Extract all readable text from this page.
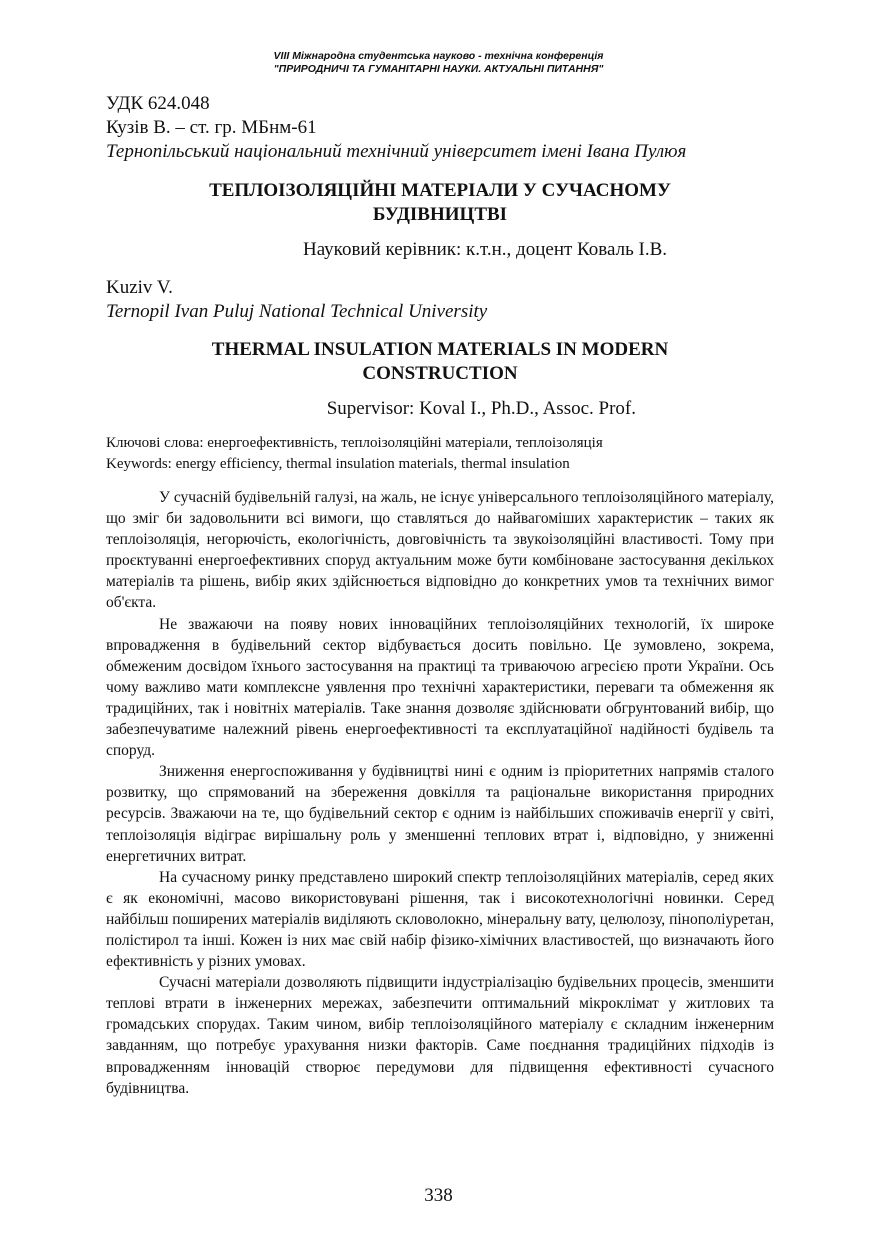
VIII Міжнародна студентська науково - технічна конференція
"ПРИРОДНИЧІ ТА ГУМАНІТАРНІ НАУКИ. АКТУАЛЬНІ ПИТАННЯ"
УДК 624.048
Кузів В. – ст. гр. МБнм-61
Тернопільський національний технічний університет імені Івана Пулюя
ТЕПЛОІЗОЛЯЦІЙНІ МАТЕРІАЛИ У СУЧАСНОМУ БУДІВНИЦТВІ
Науковий керівник: к.т.н., доцент Коваль І.В.
Kuziv V.
Ternopil Ivan Puluj National Technical University
THERMAL INSULATION MATERIALS IN MODERN CONSTRUCTION
Supervisor: Koval I., Ph.D., Assoc. Prof.
Ключові слова: енергоефективність, теплоізоляційні матеріали, теплоізоляція
Keywords: energy efficiency, thermal insulation materials, thermal insulation

У сучасній будівельній галузі, на жаль, не існує універсального теплоізоляційного матеріалу, що зміг би задовольнити всі вимоги, що ставляться до найвагоміших характеристик – таких як теплоізоляція, негорючість, екологічність, довговічність та звукоізоляційні властивості. Тому при проєктуванні енергоефективних споруд актуальним може бути комбіноване застосування декількох матеріалів та рішень, вибір яких здійснюється відповідно до конкретних умов та технічних вимог об'єкта.

Не зважаючи на появу нових інноваційних теплоізоляційних технологій, їх широке впровадження в будівельний сектор відбувається досить повільно. Це зумовлено, зокрема, обмеженим досвідом їхнього застосування на практиці та триваючою агресією проти України. Ось чому важливо мати комплексне уявлення про технічні характеристики, переваги та обмеження як традиційних, так і новітніх матеріалів. Таке знання дозволяє здійснювати обгрунтований вибір, що забезпечуватиме належний рівень енергоефективності та експлуатаційної надійності будівель та споруд.

Зниження енергоспоживання у будівництві нині є одним із пріоритетних напрямів сталого розвитку, що спрямований на збереження довкілля та раціональне використання природних ресурсів. Зважаючи на те, що будівельний сектор є одним із найбільших споживачів енергії у світі, теплоізоляція відіграє вирішальну роль у зменшенні теплових втрат і, відповідно, у зниженні енергетичних витрат.

На сучасному ринку представлено широкий спектр теплоізоляційних матеріалів, серед яких є як економічні, масово використовувані рішення, так і високотехнологічні новинки. Серед найбільш поширених матеріалів виділяють скловолокно, мінеральну вату, целюлозу, пінополіуретан, полістирол та інші. Кожен із них має свій набір фізико-хімічних властивостей, що визначають його ефективність у різних умовах.

Сучасні матеріали дозволяють підвищити індустріалізацію будівельних процесів, зменшити теплові втрати в інженерних мережах, забезпечити оптимальний мікроклімат у житлових та громадських спорудах. Таким чином, вибір теплоізоляційного матеріалу є складним інженерним завданням, що потребує урахування низки факторів. Саме поєднання традиційних підходів із впровадженням інновацій створює передумови для підвищення ефективності сучасного будівництва.

338
